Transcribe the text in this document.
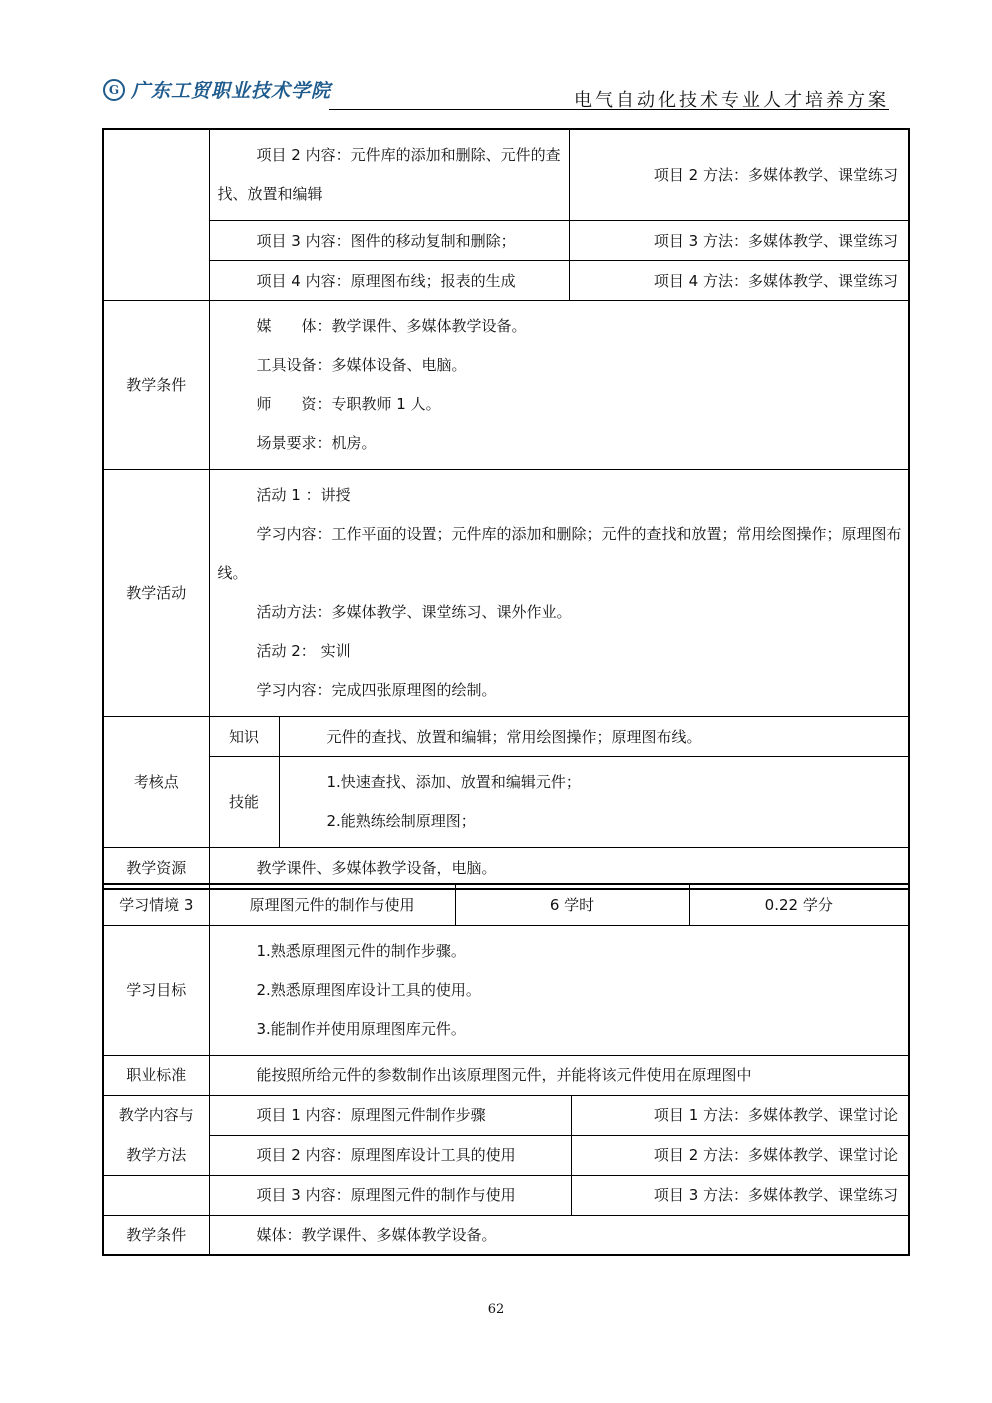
G 广东工贸职业技术学院	电气自动化技术专业人才培养方案

	项目 2 内容：元件库的添加和删除、元件的查找、放置和编辑		项目 2 方法：多媒体教学、课堂练习
	项目 3 内容：图件的移动复制和删除；		项目 3 方法：多媒体教学、课堂练习
	项目 4 内容：原理图布线；报表的生成		项目 4 方法：多媒体教学、课堂练习
教学条件	媒　　体：教学课件、多媒体教学设备。
工具设备：多媒体设备、电脑。
师　　资：专职教师 1 人。
场景要求：机房。		

教学活动	活动 1 ：讲授
学习内容：工作平面的设置；元件库的添加和删除；元件的查找和放置；常用绘图操作；原理图布线。
活动方法：多媒体教学、课堂练习、课外作业。
活动 2： 实训
学习内容：完成四张原理图的绘制。		

考核点	知识	元件的查找、放置和编辑；常用绘图操作；原理图布线。	
	技能	1.快速查找、添加、放置和编辑元件；
2.能熟练绘制原理图；	

教学资源	教学课件、多媒体教学设备，电脑。		
学习情境 3	原理图元件的制作与使用	6 学时		0.22 学分
学习目标	1.熟悉原理图元件的制作步骤。
2.熟悉原理图库设计工具的使用。
3.能制作并使用原理图库元件。			

职业标准	能按照所给元件的参数制作出该原理图元件，并能将该元件使用在原理图中			
教学内容与	项目 1 内容：原理图元件制作步骤		项目 1 方法：多媒体教学、课堂讨论	
教学方法	项目 2 内容：原理图库设计工具的使用		项目 2 方法：多媒体教学、课堂讨论	
	项目 3 内容：原理图元件的制作与使用		项目 3 方法：多媒体教学、课堂练习	
教学条件	媒体：教学课件、多媒体教学设备。			
62
